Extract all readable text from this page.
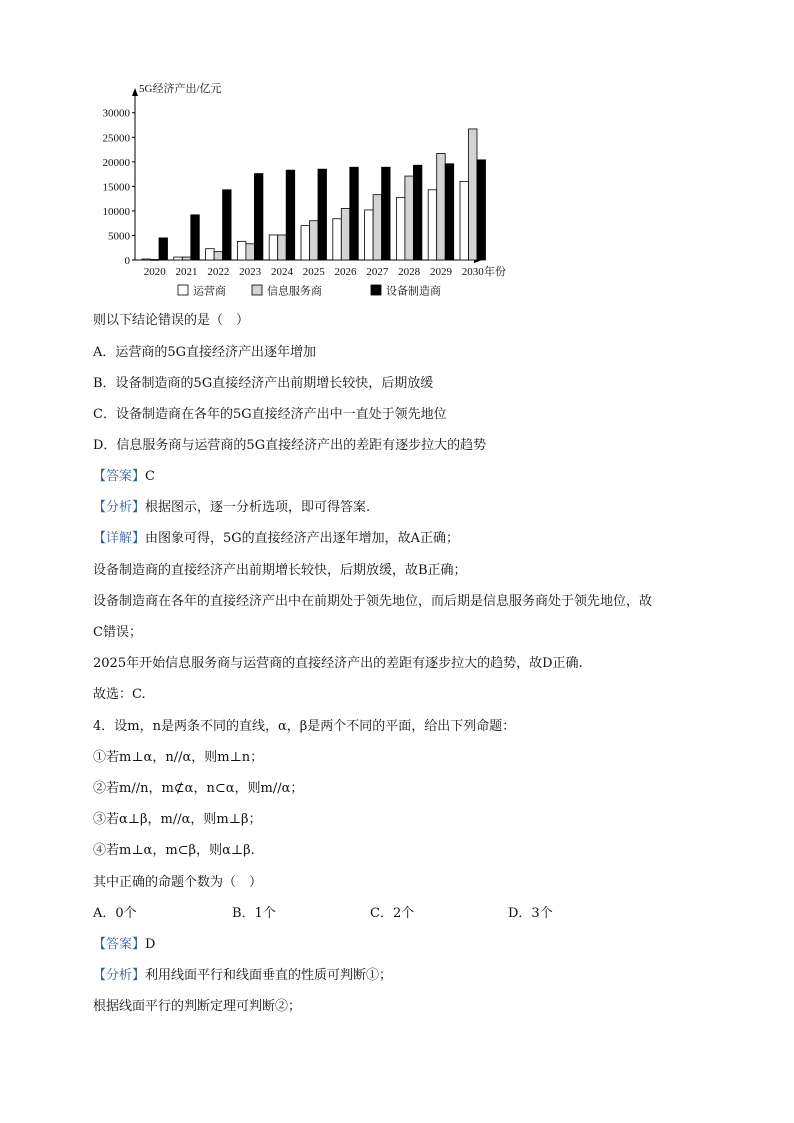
5G经济产出/亿元
0
5000
10000
15000
20000
25000
30000
2020 2021 2022 2023 2024 2025 2026 2027 2028 2029 2030 年份
运营商	信息服务商	设备制造商
则以下结论错误的是（　）
A．运营商的5G直接经济产出逐年增加
B．设备制造商的5G直接经济产出前期增长较快，后期放缓
C．设备制造商在各年的5G直接经济产出中一直处于领先地位
D．信息服务商与运营商的5G直接经济产出的差距有逐步拉大的趋势
【答案】C
【分析】根据图示，逐一分析选项，即可得答案.
【详解】由图象可得，5G的直接经济产出逐年增加，故A正确；
设备制造商的直接经济产出前期增长较快，后期放缓，故B正确；
设备制造商在各年的直接经济产出中在前期处于领先地位，而后期是信息服务商处于领先地位，故
C错误；
2025年开始信息服务商与运营商的直接经济产出的差距有逐步拉大的趋势，故D正确.
故选：C.
4．设m，n是两条不同的直线，α，β是两个不同的平面，给出下列命题：
①若m⊥α，n//α，则m⊥n；
②若m//n，m⊄α，n⊂α，则m//α；
③若α⊥β，m//α，则m⊥β；
④若m⊥α，m⊂β，则α⊥β.
其中正确的命题个数为（　）
A．0个	B．1个	C．2个	D．3个
【答案】D
【分析】利用线面平行和线面垂直的性质可判断①；
根据线面平行的判断定理可判断②；
